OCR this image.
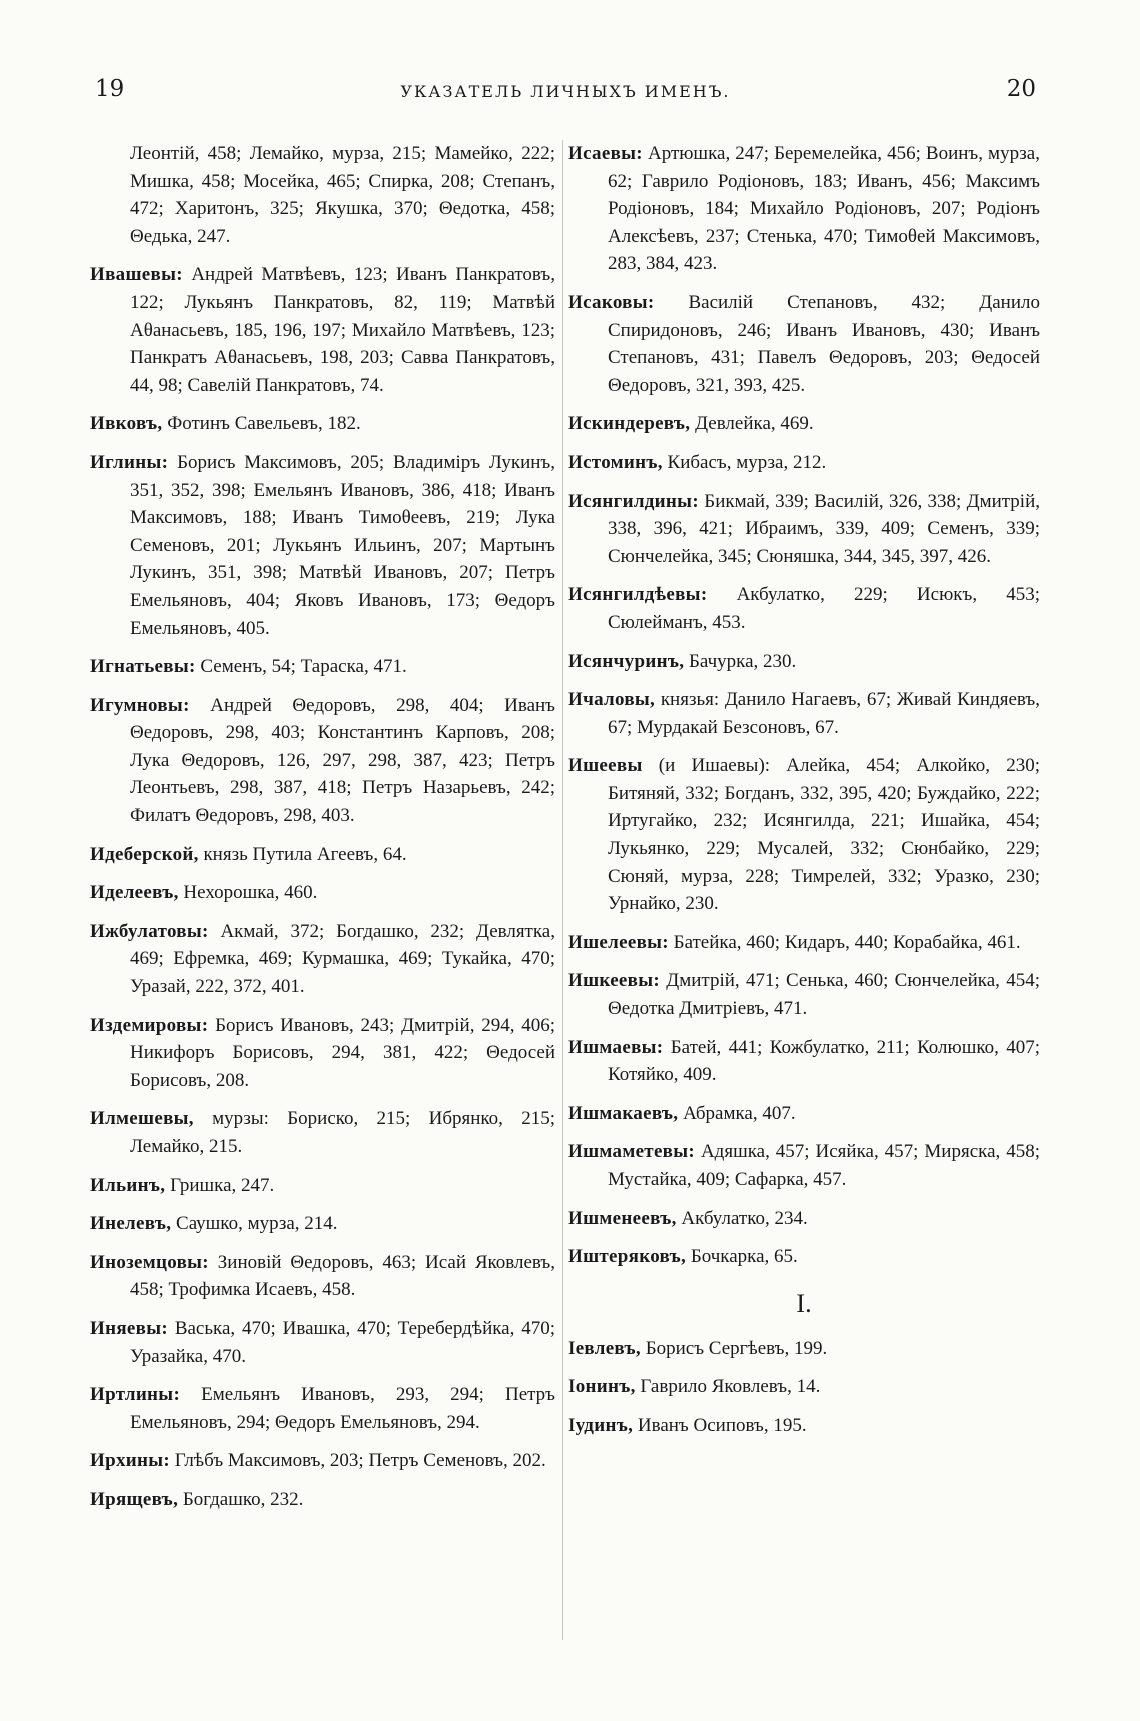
19	УКАЗАТЕЛЬ ЛИЧНЫХЪ ИМЕНЪ.	20

Леонтій, 458; Лемайко, мурза, 215; Мамейко, 222; Мишка, 458; Мосейка, 465; Спирка, 208; Степанъ, 472; Харитонъ, 325; Якушка, 370; Θедотка, 458; Θедька, 247.

Ивашевы: Андрей Матвѣевъ, 123; Иванъ Панкратовъ, 122; Лукьянъ Панкратовъ, 82, 119; Матвѣй Аθанасьевъ, 185, 196, 197; Михайло Матвѣевъ, 123; Панкратъ Аθанасьевъ, 198, 203; Савва Панкратовъ, 44, 98; Савелій Панкратовъ, 74.

Ивковъ, Фотинъ Савельевъ, 182.

Иглины: Борисъ Максимовъ, 205; Владиміръ Лукинъ, 351, 352, 398; Емельянъ Ивановъ, 386, 418; Иванъ Максимовъ, 188; Иванъ Тимоθеевъ, 219; Лука Семеновъ, 201; Лукьянъ Ильинъ, 207; Мартынъ Лукинъ, 351, 398; Матвѣй Ивановъ, 207; Петръ Емельяновъ, 404; Яковъ Ивановъ, 173; Θедоръ Емельяновъ, 405.

Игнатьевы: Семенъ, 54; Тараска, 471.

Игумновы: Андрей Θедоровъ, 298, 404; Иванъ Θедоровъ, 298, 403; Константинъ Карповъ, 208; Лука Θедоровъ, 126, 297, 298, 387, 423; Петръ Леонтьевъ, 298, 387, 418; Петръ Назарьевъ, 242; Филатъ Θедоровъ, 298, 403.

Идеберской, князь Путила Агеевъ, 64.

Иделеевъ, Нехорошка, 460.

Ижбулатовы: Акмай, 372; Богдашко, 232; Девлятка, 469; Ефремка, 469; Курмашка, 469; Тукайка, 470; Уразай, 222, 372, 401.

Издемировы: Борисъ Ивановъ, 243; Дмитрій, 294, 406; Никифоръ Борисовъ, 294, 381, 422; Θедосей Борисовъ, 208.

Илмешевы, мурзы: Бориско, 215; Ибрянко, 215; Лемайко, 215.

Ильинъ, Гришка, 247.

Инелевъ, Саушко, мурза, 214.

Иноземцовы: Зиновій Θедоровъ, 463; Исай Яковлевъ, 458; Трофимка Исаевъ, 458.

Иняевы: Васька, 470; Ивашка, 470; Теребердѣйка, 470; Уразайка, 470.

Иртлины: Емельянъ Ивановъ, 293, 294; Петръ Емельяновъ, 294; Θедоръ Емельяновъ, 294.

Ирхины: Глѣбъ Максимовъ, 203; Петръ Семеновъ, 202.

Ирящевъ, Богдашко, 232.

Исаевы: Артюшка, 247; Беремелейка, 456; Воинъ, мурза, 62; Гаврило Родіоновъ, 183; Иванъ, 456; Максимъ Родіоновъ, 184; Михайло Родіоновъ, 207; Родіонъ Алексѣевъ, 237; Стенька, 470; Тимоθей Максимовъ, 283, 384, 423.

Исаковы: Василій Степановъ, 432; Данило Спиридоновъ, 246; Иванъ Ивановъ, 430; Иванъ Степановъ, 431; Павелъ Θедоровъ, 203; Θедосей Θедоровъ, 321, 393, 425.

Искиндеревъ, Девлейка, 469.

Истоминъ, Кибасъ, мурза, 212.

Исянгилдины: Бикмай, 339; Василій, 326, 338; Дмитрій, 338, 396, 421; Ибраимъ, 339, 409; Семенъ, 339; Сюнчелейка, 345; Сюняшка, 344, 345, 397, 426.

Исянгилдѣевы: Акбулатко, 229; Исюкъ, 453; Сюлейманъ, 453.

Исянчуринъ, Бачурка, 230.

Ичаловы, князья: Данило Нагаевъ, 67; Живай Киндяевъ, 67; Мурдакай Безсоновъ, 67.

Ишеевы (и Ишаевы): Алейка, 454; Алкойко, 230; Битяняй, 332; Богданъ, 332, 395, 420; Буждайко, 222; Иртугайко, 232; Исянгилда, 221; Ишайка, 454; Лукьянко, 229; Мусалей, 332; Сюнбайко, 229; Сюняй, мурза, 228; Тимрелей, 332; Уразко, 230; Урнайко, 230.

Ишелеевы: Батейка, 460; Кидаръ, 440; Корабайка, 461.

Ишкеевы: Дмитрій, 471; Сенька, 460; Сюнчелейка, 454; Θедотка Дмитріевъ, 471.

Ишмаевы: Батей, 441; Кожбулатко, 211; Колюшко, 407; Котяйко, 409.

Ишмакаевъ, Абрамка, 407.

Ишмаметевы: Адяшка, 457; Исяйка, 457; Миряска, 458; Мустайка, 409; Сафарка, 457.

Ишменеевъ, Акбулатко, 234.

Иштеряковъ, Бочкарка, 65.

I.

Іевлевъ, Борисъ Сергѣевъ, 199.

Іонинъ, Гаврило Яковлевъ, 14.

Іудинъ, Иванъ Осиповъ, 195.
